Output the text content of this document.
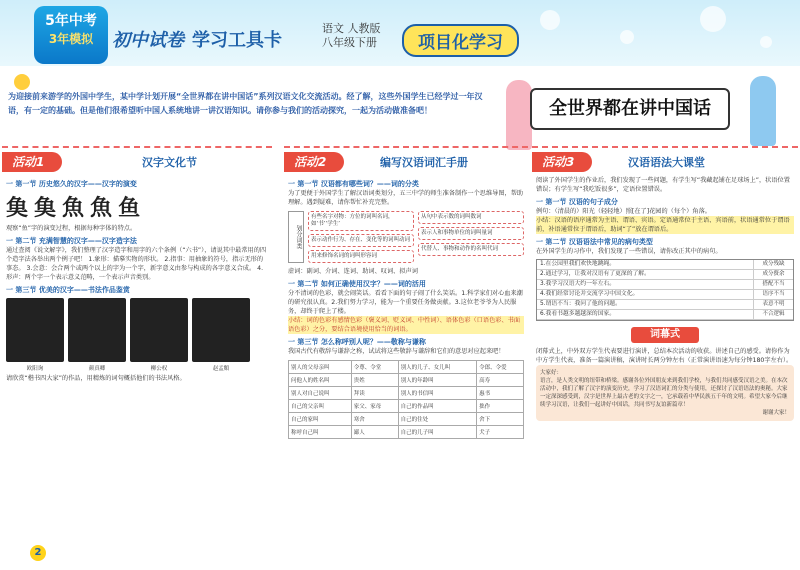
5年中考
3年模拟	初中试卷 学习工具卡
语文 人教版
八年级下册	项目化学习
为迎接前来游学的外国中学生，某中学计划开展“全世界都在讲中国话”系列汉语文化交流活动。经了解，这些外国学生已经学过一年汉语，有一定的基础。但是他们很希望听中国人系统地讲一讲汉语知识。请你参与我们的活动探究，一起为活动做准备吧！	全世界都在讲中国话
活动1	汉字文化节
一 第一节 历史悠久的汉字——汉字的演变
𩵋 𩵋 魚 魚 鱼
观察“鱼”字的演变过程，根据每种字体的特点。
一 第二节 充满智慧的汉字——汉字造字法
通过查阅《说文解字》，我们整理了汉字造字和用字的六个条例（“六书”），请说其中最常用的四个造字法各举出两个例子吧！ 1.象形：描摹实物的形状。 2.指事：用抽象的符号，指示无形的事态。 3.会意：会合两个或两个以上的字为一个字，新字意义由参与构成的各字意义合成。 4.形声：两个字一个表示意义范畴，一个表示声音类别。
一 第三节 优美的汉字——书法作品鉴赏
欧阳询	颜真卿	柳公权	赵孟頫
请欣赏“楷书四大家”的作品，用精炼的词句概括他们的书法风格。
活动2	编写汉语词汇手册
一 第一节 汉语都有哪些词？——词的分类
为了更便于外国学生了解汉语词类划分，五三中学的师生准备制作一个思维导图，帮助理解。遇到疑难，请你帮忙补充完整。
划分词类
有些名字对物：方位的词叫名词，如‘书’‘学生’
表示动作行为、存在、变化等的词叫动词
用来修饰名词的词叫形容词
从句中表示数的词叫数词
表示人和事物单位的词叫量词
代替人、事物和动作的名叫代词
虚词：副词、介词、连词、助词、叹词、拟声词
一 第二节 如何正确使用汉字？——词的活用
分不清词的色彩，就会闹笑话。看看下面的句子闹了什么笑话。1.科学家们对心血来潮的研究很认真。2.我们努力学习，能为一个重要任务做贡献。3.这位老爷爷为人民服务，却终于爬上了楼。
小结：词的色彩有感情色彩（褒义词、贬义词、中性词）、语体色彩（口语色彩、书面语色彩）之分，要结合语境使用恰当的词语。
一 第三节 怎么称呼别人呢？——敬称与谦称
我国古代有敬辞与谦辞之称，试试将这些敬辞与谦辞和它们的意思对应起来吧！
别人的父母亲叫	令尊、令堂	别人的儿子、女儿叫	令郎、令爱
问他人的姓名叫	贵姓	别人的年龄叫	高寿
别人对自己说叫	拜读	别人的书信叫	惠书
自己的父亲叫	家父、家母	自己的作品叫	拙作
自己的家叫	寒舍	自己的住处	舍下
称呼自己叫	鄙人	自己的儿子叫	犬子
活动3	汉语语法大课堂
阅读了外国学生的作业后，我们发现了一些问题，有学生写“我藏起铺在足球场上”，状语位置错误；有学生写“我吃饭很多”，定语位置错误。
一 第一节 汉语的句子成分
例句：（清晨的）阳光（轻轻地）照[在了]花园的（每个）角落。
小结：汉语的语序通常为主语、谓语、宾语。定语通常位于主语、宾语前，状语通常位于谓语前，补语通常位于谓语后，助词“了”放在谓语后。
一 第二节 汉语语法中常见的病句类型
在外国学生的习作中，我们发现了一些错误，请你改正其中的病句。
1.在公园里我们欢快地跳绳。	成分残缺
2.通过学习，让我对汉语有了更深的了解。	成分赘余
3.我学习汉语大约一年左右。	搭配不当
4.我们经常讨论并交流学习中国文化。	语序不当
5.谓语不当：我问了他的问题。	表意不明
6.我看书越多越越深的国家。	不合逻辑
词幕式
闭幕式上，中外双方学生代表要进行演讲，总结本次活动的收获。讲述自己的感受。请你作为中方学生代表，准备一篇演讲稿，演讲时长两分钟左右（正常演讲语速为每分钟180字左右）。
大家好：
语言，是人类文明的纽带和桥梁。感谢各位外国朋友来到我们学校，与我们共同感受汉语之美。在本次活动中，我们了解了汉字的演变历史，学习了汉语词汇的分类与使用，还探讨了汉语语法的奥秘。大家一定深深感受到，汉字是世界上最古老的文字之一，它承载着中华民族五千年的文明。希望大家今后继续学习汉语，让我们一起讲好中国话，共同书写友谊新篇章！
谢谢大家！
2
